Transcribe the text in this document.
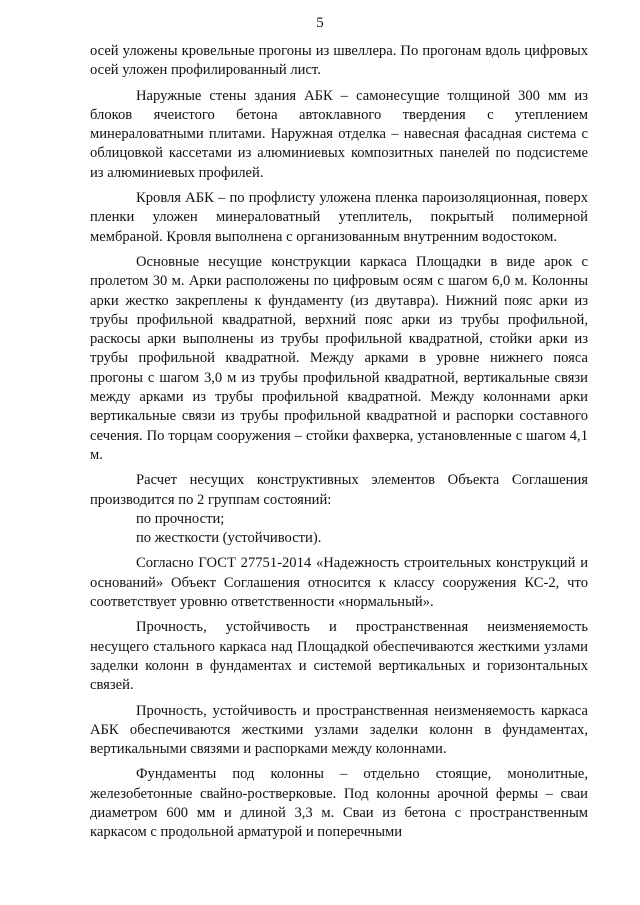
5

осей уложены кровельные прогоны из швеллера. По прогонам вдоль цифровых осей уложен профилированный лист.

Наружные стены здания АБК – самонесущие толщиной 300 мм из блоков ячеистого бетона автоклавного твердения с утеплением минераловатными плитами. Наружная отделка – навесная фасадная система с облицовкой кассетами из алюминиевых композитных панелей по подсистеме из алюминиевых профилей.

Кровля АБК – по профлисту уложена пленка пароизоляционная, поверх пленки уложен минераловатный утеплитель, покрытый полимерной мембраной. Кровля выполнена с организованным внутренним водостоком.

Основные несущие конструкции каркаса Площадки в виде арок с пролетом 30 м. Арки расположены по цифровым осям с шагом 6,0 м. Колонны арки жестко закреплены к фундаменту (из двутавра). Нижний пояс арки из трубы профильной квадратной, верхний пояс арки из трубы профильной, раскосы арки выполнены из трубы профильной квадратной, стойки арки из трубы профильной квадратной. Между арками в уровне нижнего пояса прогоны с шагом 3,0 м из трубы профильной квадратной, вертикальные связи между арками из трубы профильной квадратной. Между колоннами арки вертикальные связи из трубы профильной квадратной и распорки составного сечения. По торцам сооружения – стойки фахверка, установленные с шагом 4,1 м.

Расчет несущих конструктивных элементов Объекта Соглашения производится по 2 группам состояний:

по прочности;

по жесткости (устойчивости).

Согласно ГОСТ 27751-2014 «Надежность строительных конструкций и оснований» Объект Соглашения относится к классу сооружения КС-2, что соответствует уровню ответственности «нормальный».

Прочность, устойчивость и пространственная неизменяемость несущего стального каркаса над Площадкой обеспечиваются жесткими узлами заделки колонн в фундаментах и системой вертикальных и горизонтальных связей.

Прочность, устойчивость и пространственная неизменяемость каркаса АБК обеспечиваются жесткими узлами заделки колонн в фундаментах, вертикальными связями и распорками между колоннами.

Фундаменты под колонны – отдельно стоящие, монолитные, железобетонные свайно-ростверковые. Под колонны арочной фермы – сваи диаметром 600 мм и длиной 3,3 м. Сваи из бетона с пространственным каркасом с продольной арматурой и поперечными
